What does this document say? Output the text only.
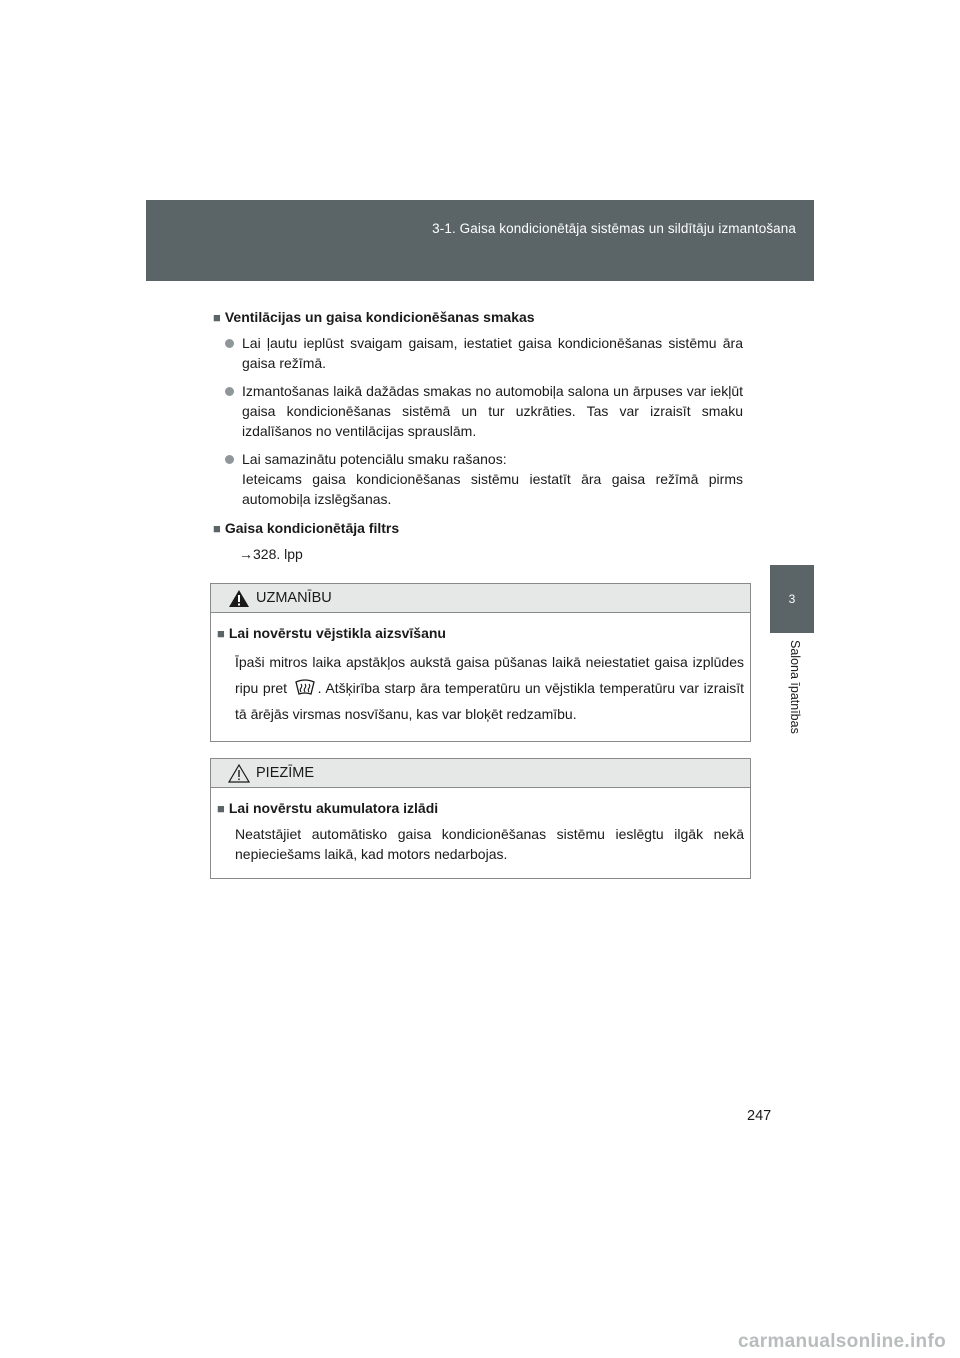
3-1. Gaisa kondicionētāja sistēmas un sildītāju izmantošana
3
Salona īpatnības
■ Ventilācijas un gaisa kondicionēšanas smakas
Lai ļautu ieplūst svaigam gaisam, iestatiet gaisa kondicionēšanas sistēmu āra gaisa režīmā.
Izmantošanas laikā dažādas smakas no automobiļa salona un ārpuses var iekļūt gaisa kondicionēšanas sistēmā un tur uzkrāties. Tas var izraisīt smaku izdalīšanos no ventilācijas sprauslām.
Lai samazinātu potenciālu smaku rašanos:
Ieteicams gaisa kondicionēšanas sistēmu iestatīt āra gaisa režīmā pirms automobiļa izslēgšanas.
■ Gaisa kondicionētāja filtrs
→328. lpp
UZMANĪBU
■ Lai novērstu vējstikla aizsvīšanu
Īpaši mitros laika apstākļos aukstā gaisa pūšanas laikā neiestatiet gaisa izplūdes ripu pret . Atšķirība starp āra temperatūru un vējstikla temperatūru var izraisīt tā ārējās virsmas nosvīšanu, kas var bloķēt redzamību.
PIEZĪME
■ Lai novērstu akumulatora izlādi
Neatstājiet automātisko gaisa kondicionēšanas sistēmu ieslēgtu ilgāk nekā nepieciešams laikā, kad motors nedarbojas.
247
carmanualsonline.info
